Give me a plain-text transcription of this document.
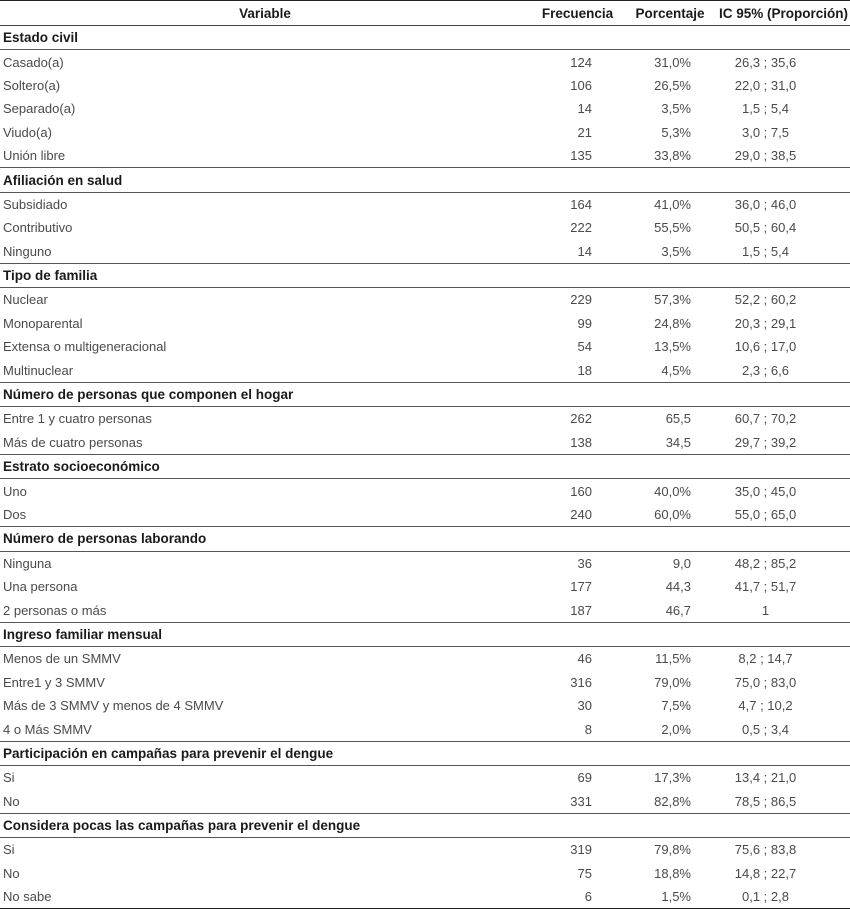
Variable	Frecuencia	Porcentaje	IC 95% (Proporción)
Estado civil			
Casado(a)	124	31,0%	26,3 ; 35,6
Soltero(a)	106	26,5%	22,0 ; 31,0
Separado(a)	14	3,5%	1,5 ; 5,4
Viudo(a)	21	5,3%	3,0 ; 7,5
Unión libre	135	33,8%	29,0 ; 38,5
Afiliación en salud			
Subsidiado	164	41,0%	36,0 ; 46,0
Contributivo	222	55,5%	50,5 ; 60,4
Ninguno	14	3,5%	1,5 ; 5,4
Tipo de familia			
Nuclear	229	57,3%	52,2 ; 60,2
Monoparental	99	24,8%	20,3 ; 29,1
Extensa o multigeneracional	54	13,5%	10,6 ; 17,0
Multinuclear	18	4,5%	2,3 ; 6,6
Número de personas que componen el hogar			
Entre 1 y cuatro personas	262	65,5	60,7 ; 70,2
Más de cuatro personas	138	34,5	29,7 ; 39,2
Estrato socioeconómico			
Uno	160	40,0%	35,0 ; 45,0
Dos	240	60,0%	55,0 ; 65,0
Número de personas laborando			
Ninguna	36	9,0	48,2 ; 85,2
Una persona	177	44,3	41,7 ; 51,7
2 personas o más	187	46,7	1
Ingreso familiar mensual			
Menos de un SMMV	46	11,5%	8,2 ; 14,7
Entre1 y 3 SMMV	316	79,0%	75,0 ; 83,0
Más de 3 SMMV y menos de 4 SMMV	30	7,5%	4,7 ; 10,2
4 o Más SMMV	8	2,0%	0,5 ; 3,4
Participación en campañas para prevenir el dengue			
Si	69	17,3%	13,4 ; 21,0
No	331	82,8%	78,5 ; 86,5
Considera pocas las campañas para prevenir el dengue			
Si	319	79,8%	75,6 ; 83,8
No	75	18,8%	14,8 ; 22,7
No sabe	6	1,5%	0,1 ; 2,8
